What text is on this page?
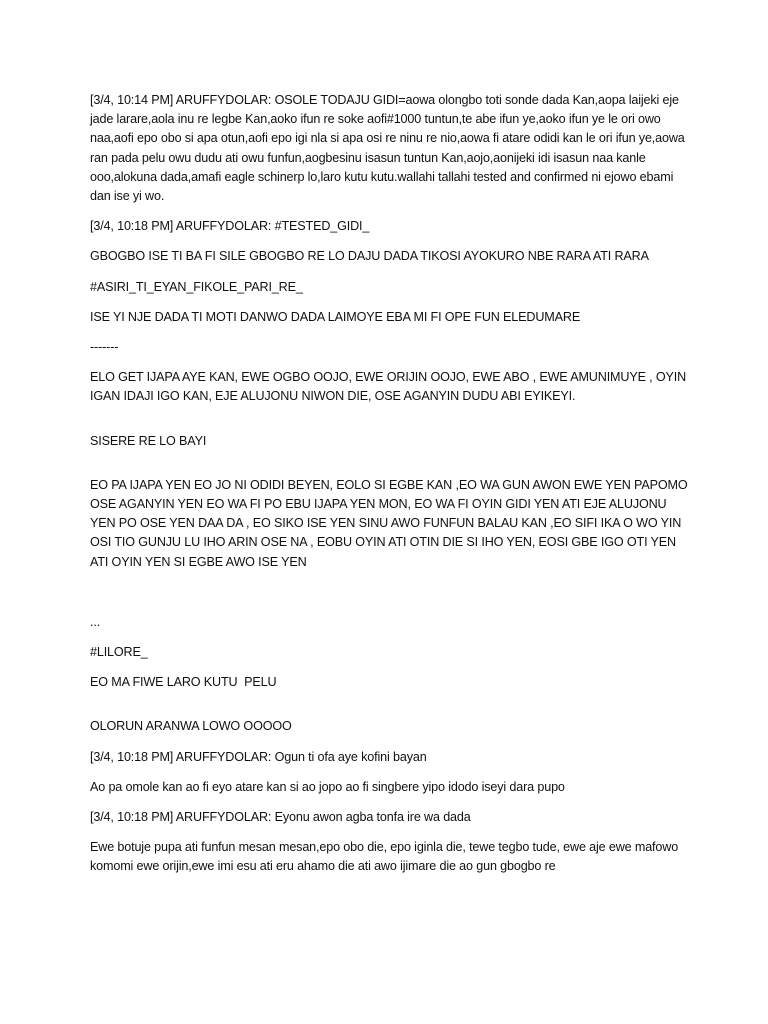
[3/4, 10:14 PM] ARUFFYDOLAR: OSOLE TODAJU GIDI=aowa olongbo toti sonde dada Kan,aopa laijeki eje jade larare,aola inu re legbe Kan,aoko ifun re soke aofi#1000 tuntun,te abe ifun ye,aoko ifun ye le ori owo naa,aofi epo obo si apa otun,aofi epo igi nla si apa osi re ninu re nio,aowa fi atare odidi kan le ori ifun ye,aowa ran pada pelu owu dudu ati owu funfun,aogbesinu isasun tuntun Kan,aojo,aonijeki idi isasun naa kanle ooo,alokuna dada,amafi eagle schinerp lo,laro kutu kutu.wallahi tallahi tested and confirmed ni ejowo ebami dan ise yi wo.

[3/4, 10:18 PM] ARUFFYDOLAR: #TESTED_GIDI_

GBOGBO ISE TI BA FI SILE GBOGBO RE LO DAJU DADA TIKOSI AYOKURO NBE RARA ATI RARA

#ASIRI_TI_EYAN_FIKOLE_PARI_RE_

ISE YI NJE DADA TI MOTI DANWO DADA LAIMOYE EBA MI FI OPE FUN ELEDUMARE

-------

ELO GET IJAPA AYE KAN, EWE OGBO OOJO, EWE ORIJIN OOJO, EWE ABO , EWE AMUNIMUYE , OYIN IGAN IDAJI IGO KAN, EJE ALUJONU NIWON DIE, OSE AGANYIN DUDU ABI EYIKEYI.

SISERE RE LO BAYI

EO PA IJAPA YEN EO JO NI ODIDI BEYEN, EOLO SI EGBE KAN ,EO WA GUN AWON EWE YEN PAPOMO OSE AGANYIN YEN EO WA FI PO EBU IJAPA YEN MON, EO WA FI OYIN GIDI YEN ATI EJE ALUJONU YEN PO OSE YEN DAA DA , EO SIKO ISE YEN SINU AWO FUNFUN BALAU KAN ,EO SIFI IKA O WO YIN OSI TIO GUNJU LU IHO ARIN OSE NA , EOBU OYIN ATI OTIN DIE SI IHO YEN, EOSI GBE IGO OTI YEN ATI OYIN YEN SI EGBE AWO ISE YEN

...

#LILORE_

EO MA FIWE LARO KUTU  PELU

OLORUN ARANWA LOWO OOOOO

[3/4, 10:18 PM] ARUFFYDOLAR: Ogun ti ofa aye kofini bayan

Ao pa omole kan ao fi eyo atare kan si ao jopo ao fi singbere yipo idodo iseyi dara pupo

[3/4, 10:18 PM] ARUFFYDOLAR: Eyonu awon agba tonfa ire wa dada

Ewe botuje pupa ati funfun mesan mesan,epo obo die, epo iginla die, tewe tegbo tude, ewe aje ewe mafowo komomi ewe orijin,ewe imi esu ati eru ahamo die ati awo ijimare die ao gun gbogbo re
